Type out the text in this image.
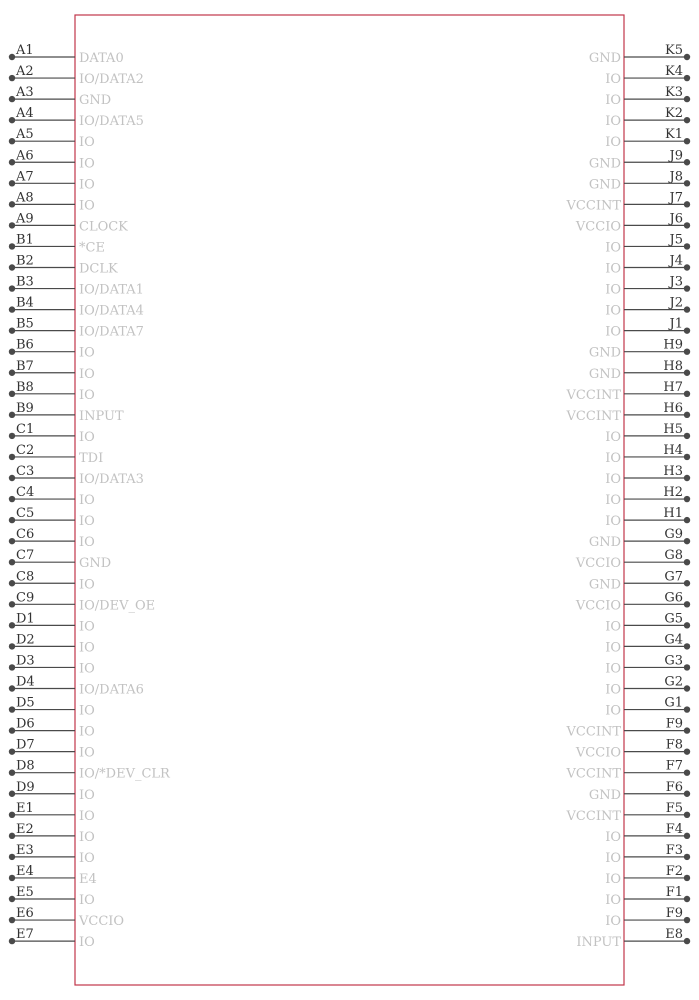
A1
DATA0
A2
IO/DATA2
A3
GND
A4
IO/DATA5
A5
IO
A6
IO
A7
IO
A8
IO
A9
CLOCK
B1
*CE
B2
DCLK
B3
IO/DATA1
B4
IO/DATA4
B5
IO/DATA7
B6
IO
B7
IO
B8
IO
B9
INPUT
C1
IO
C2
TDI
C3
IO/DATA3
C4
IO
C5
IO
C6
IO
C7
GND
C8
IO
C9
IO/DEV_OE
D1
IO
D2
IO
D3
IO
D4
IO/DATA6
D5
IO
D6
IO
D7
IO
D8
IO/*DEV_CLR
D9
IO
E1
IO
E2
IO
E3
IO
E4
E4
E5
IO
E6
VCCIO
E7
IO
K5
GND
K4
IO
K3
IO
K2
IO
K1
IO
J9
GND
J8
GND
J7
VCCINT
J6
VCCIO
J5
IO
J4
IO
J3
IO
J2
IO
J1
IO
H9
GND
H8
GND
H7
VCCINT
H6
VCCINT
H5
IO
H4
IO
H3
IO
H2
IO
H1
IO
G9
GND
G8
VCCIO
G7
GND
G6
VCCIO
G5
IO
G4
IO
G3
IO
G2
IO
G1
IO
F9
VCCINT
F8
VCCIO
F7
VCCINT
F6
GND
F5
VCCINT
F4
IO
F3
IO
F2
IO
F1
IO
F9
IO
E8
INPUT
